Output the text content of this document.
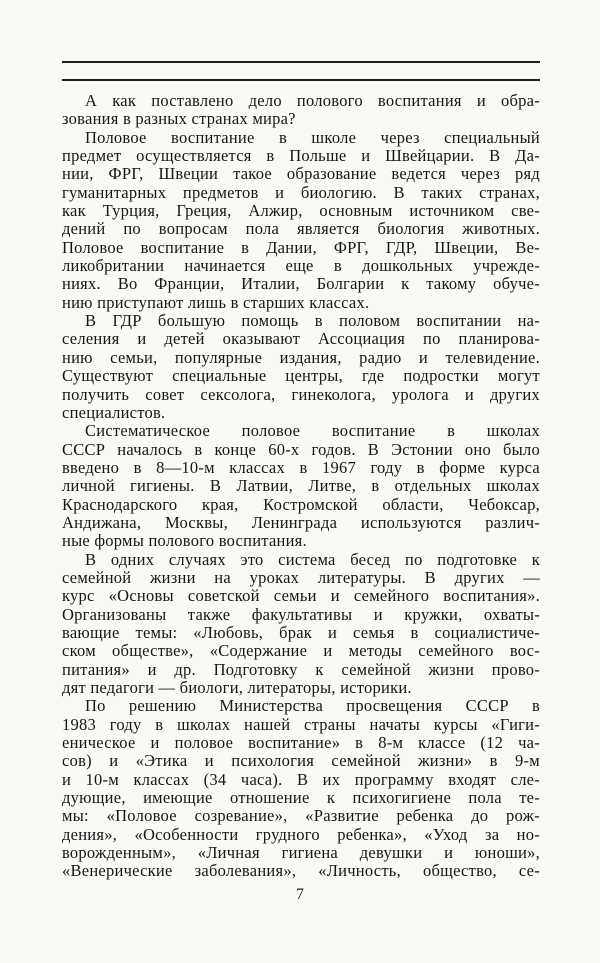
А как поставлено дело полового воспитания и обра-
зования в разных странах мира?
Половое воспитание в школе через специальный
предмет осуществляется в Польше и Швейцарии. В Да-
нии, ФРГ, Швеции такое образование ведется через ряд
гуманитарных предметов и биологию. В таких странах,
как Турция, Греция, Алжир, основным источником све-
дений по вопросам пола является биология животных.
Половое воспитание в Дании, ФРГ, ГДР, Швеции, Ве-
ликобритании начинается еще в дошкольных учрежде-
ниях. Во Франции, Италии, Болгарии к такому обуче-
нию приступают лишь в старших классах.
В ГДР большую помощь в половом воспитании на-
селения и детей оказывают Ассоциация по планирова-
нию семьи, популярные издания, радио и телевидение.
Существуют специальные центры, где подростки могут
получить совет сексолога, гинеколога, уролога и других
специалистов.
Систематическое половое воспитание в школах
СССР началось в конце 60-х годов. В Эстонии оно было
введено в 8—10-м классах в 1967 году в форме курса
личной гигиены. В Латвии, Литве, в отдельных школах
Краснодарского края, Костромской области, Чебоксар,
Андижана, Москвы, Ленинграда используются различ-
ные формы полового воспитания.
В одних случаях это система бесед по подготовке к
семейной жизни на уроках литературы. В других —
курс «Основы советской семьи и семейного воспитания».
Организованы также факультативы и кружки, охваты-
вающие темы: «Любовь, брак и семья в социалистиче-
ском обществе», «Содержание и методы семейного вос-
питания» и др. Подготовку к семейной жизни прово-
дят педагоги — биологи, литераторы, историки.
По решению Министерства просвещения СССР в
1983 году в школах нашей страны начаты курсы «Гиги-
еническое и половое воспитание» в 8-м классе (12 ча-
сов) и «Этика и психология семейной жизни» в 9-м
и 10-м классах (34 часа). В их программу входят сле-
дующие, имеющие отношение к психогигиене пола те-
мы: «Половое созревание», «Развитие ребенка до рож-
дения», «Особенности грудного ребенка», «Уход за но-
ворожденным», «Личная гигиена девушки и юноши»,
«Венерические заболевания», «Личность, общество, се-
7
